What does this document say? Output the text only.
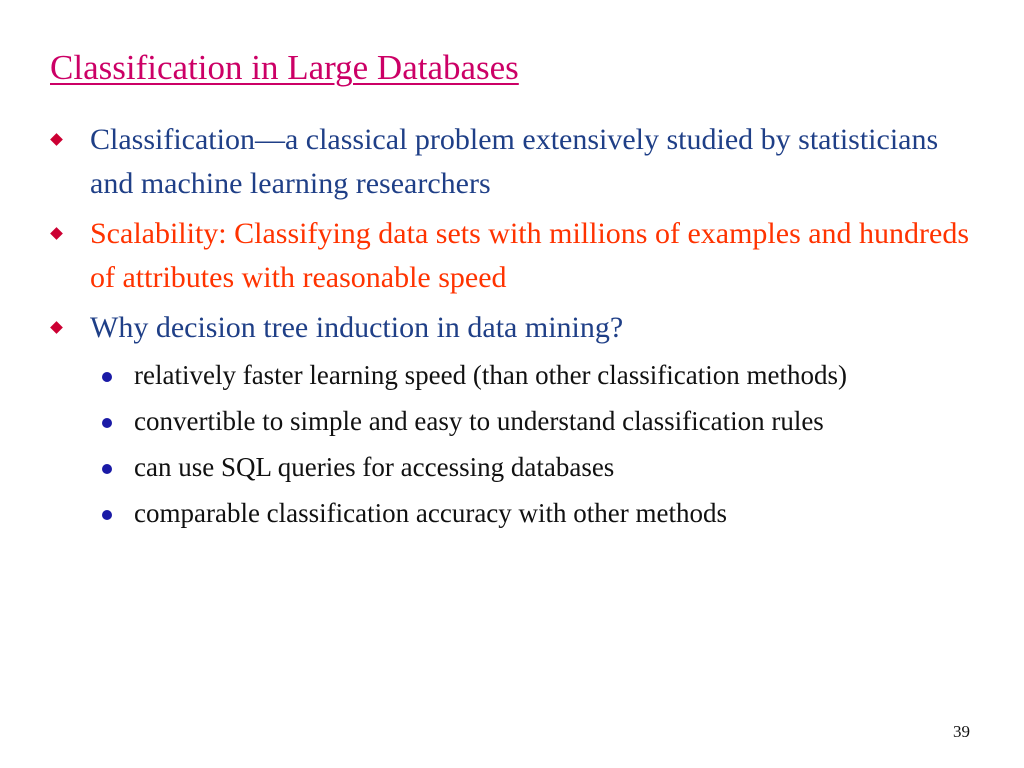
Classification in Large Databases
Classification—a classical problem extensively studied by statisticians and machine learning researchers
Scalability: Classifying data sets with millions of examples and hundreds of attributes with reasonable speed
Why decision tree induction in data mining?
relatively faster learning speed (than other classification methods)
convertible to simple and easy to understand classification rules
can use SQL queries for accessing databases
comparable classification accuracy with other methods
39
